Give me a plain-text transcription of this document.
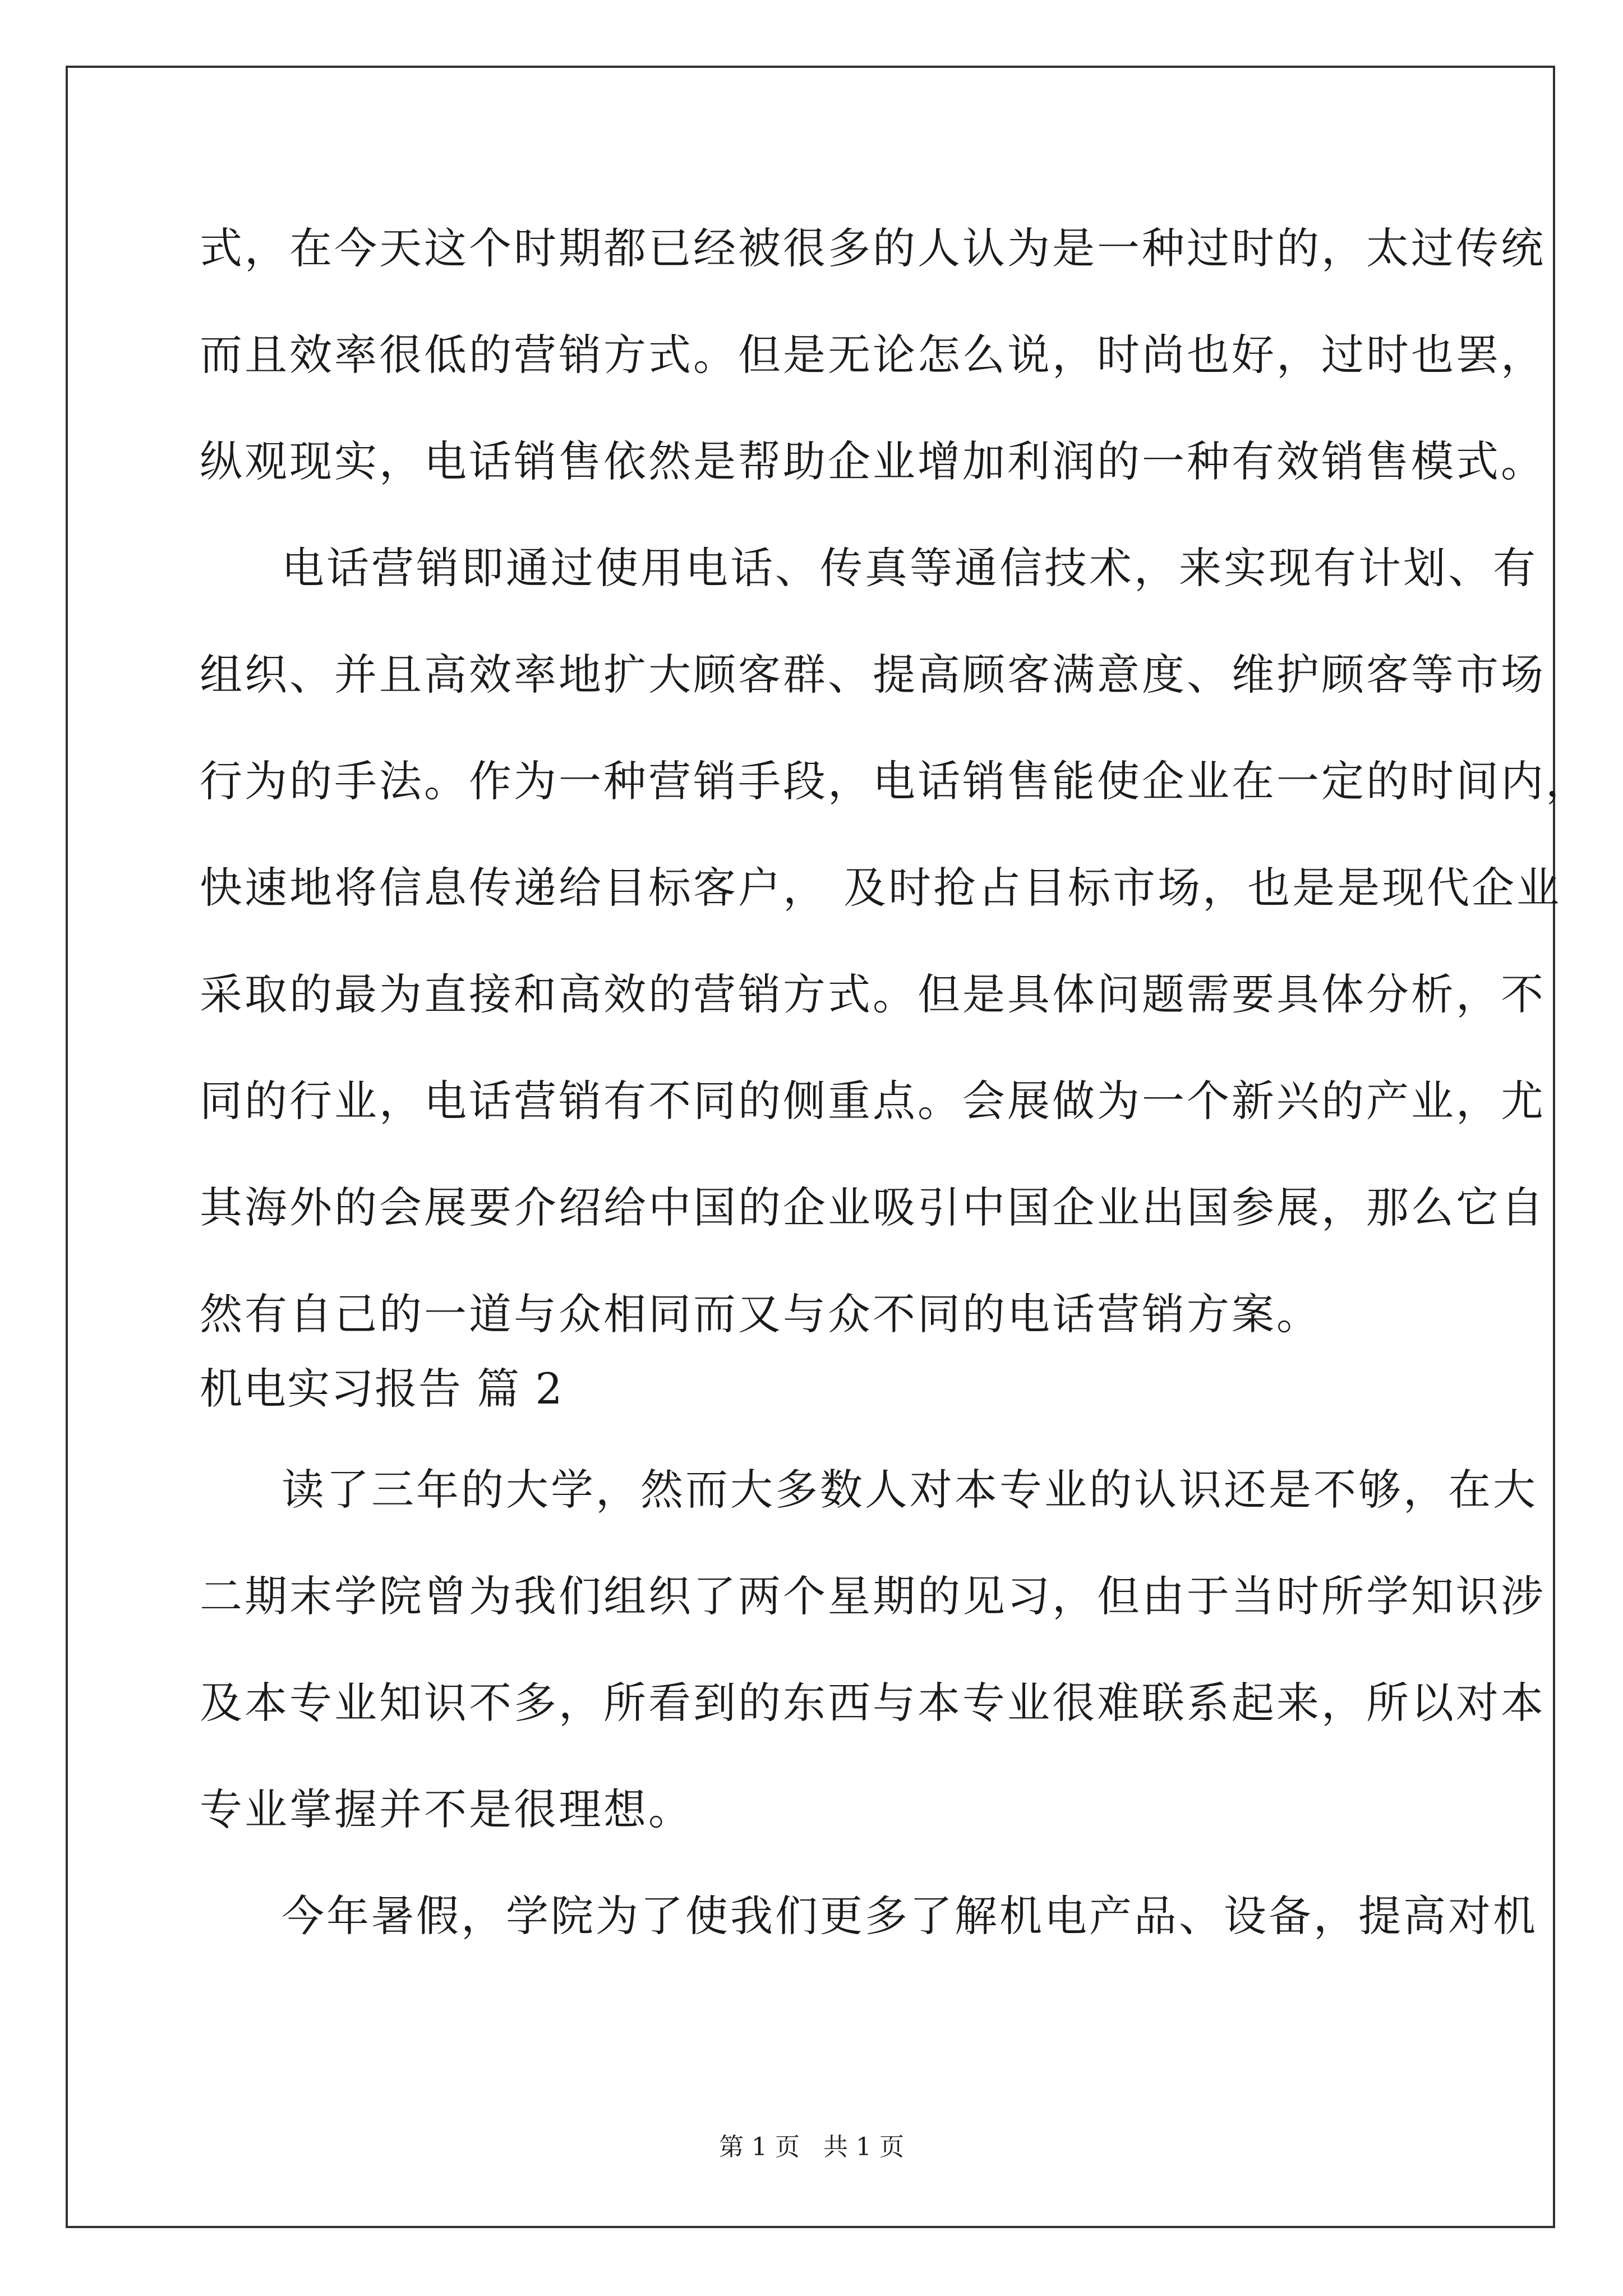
式，在今天这个时期都已经被很多的人认为是一种过时的，太过传统
而且效率很低的营销方式。但是无论怎么说，时尚也好，过时也罢，
纵观现实，电话销售依然是帮助企业增加利润的一种有效销售模式。
电话营销即通过使用电话、传真等通信技术，来实现有计划、有
组织、并且高效率地扩大顾客群、提高顾客满意度、维护顾客等市场
行为的手法。作为一种营销手段，电话销售能使企业在一定的时间内，
快速地将信息传递给目标客户， 及时抢占目标市场，也是是现代企业
采取的最为直接和高效的营销方式。但是具体问题需要具体分析，不
同的行业，电话营销有不同的侧重点。会展做为一个新兴的产业，尤
其海外的会展要介绍给中国的企业吸引中国企业出国参展，那么它自
然有自己的一道与众相同而又与众不同的电话营销方案。
机电实习报告 篇 2
读了三年的大学，然而大多数人对本专业的认识还是不够，在大
二期末学院曾为我们组织了两个星期的见习，但由于当时所学知识涉
及本专业知识不多，所看到的东西与本专业很难联系起来，所以对本
专业掌握并不是很理想。
今年暑假，学院为了使我们更多了解机电产品、设备，提高对机
第 1 页   共 1 页
